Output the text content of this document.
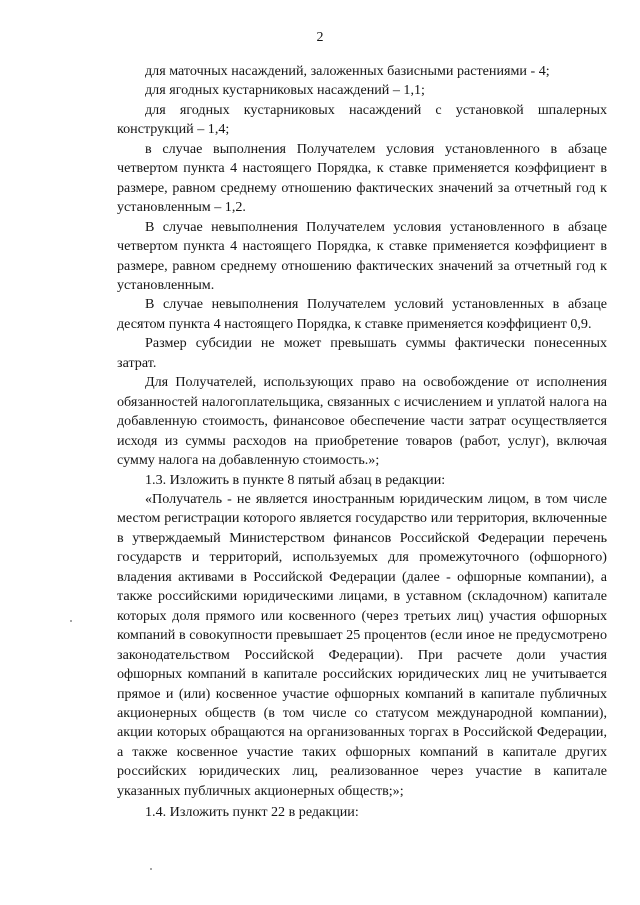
2

для маточных насаждений, заложенных базисными растениями - 4;

для ягодных кустарниковых насаждений – 1,1;

для ягодных кустарниковых насаждений с установкой шпалерных конструкций – 1,4;

в случае выполнения Получателем условия установленного в абзаце четвертом пункта 4 настоящего Порядка, к ставке применяется коэффициент в размере, равном среднему отношению фактических значений за отчетный год к установленным – 1,2.

В случае невыполнения Получателем условия установленного в абзаце четвертом пункта 4 настоящего Порядка, к ставке применяется коэффициент в размере, равном среднему отношению фактических значений за отчетный год к установленным.

В случае невыполнения Получателем условий установленных в абзаце десятом пункта 4 настоящего Порядка, к ставке применяется коэффициент 0,9.

Размер субсидии не может превышать суммы фактически понесенных затрат.

Для Получателей, использующих право на освобождение от исполнения обязанностей налогоплательщика, связанных с исчислением и уплатой налога на добавленную стоимость, финансовое обеспечение части затрат осуществляется исходя из суммы расходов на приобретение товаров (работ, услуг), включая сумму налога на добавленную стоимость.»;

1.3. Изложить в пункте 8 пятый абзац в редакции:

«Получатель - не является иностранным юридическим лицом, в том числе местом регистрации которого является государство или территория, включенные в утверждаемый Министерством финансов Российской Федерации перечень государств и территорий, используемых для промежуточного (офшорного) владения активами в Российской Федерации (далее - офшорные компании), а также российскими юридическими лицами, в уставном (складочном) капитале которых доля прямого или косвенного (через третьих лиц) участия офшорных компаний в совокупности превышает 25 процентов (если иное не предусмотрено законодательством Российской Федерации). При расчете доли участия офшорных компаний в капитале российских юридических лиц не учитывается прямое и (или) косвенное участие офшорных компаний в капитале публичных акционерных обществ (в том числе со статусом международной компании), акции которых обращаются на организованных торгах в Российской Федерации, а также косвенное участие таких офшорных компаний в капитале других российских юридических лиц, реализованное через участие в капитале указанных публичных акционерных обществ;»;

1.4. Изложить пункт 22 в редакции:
